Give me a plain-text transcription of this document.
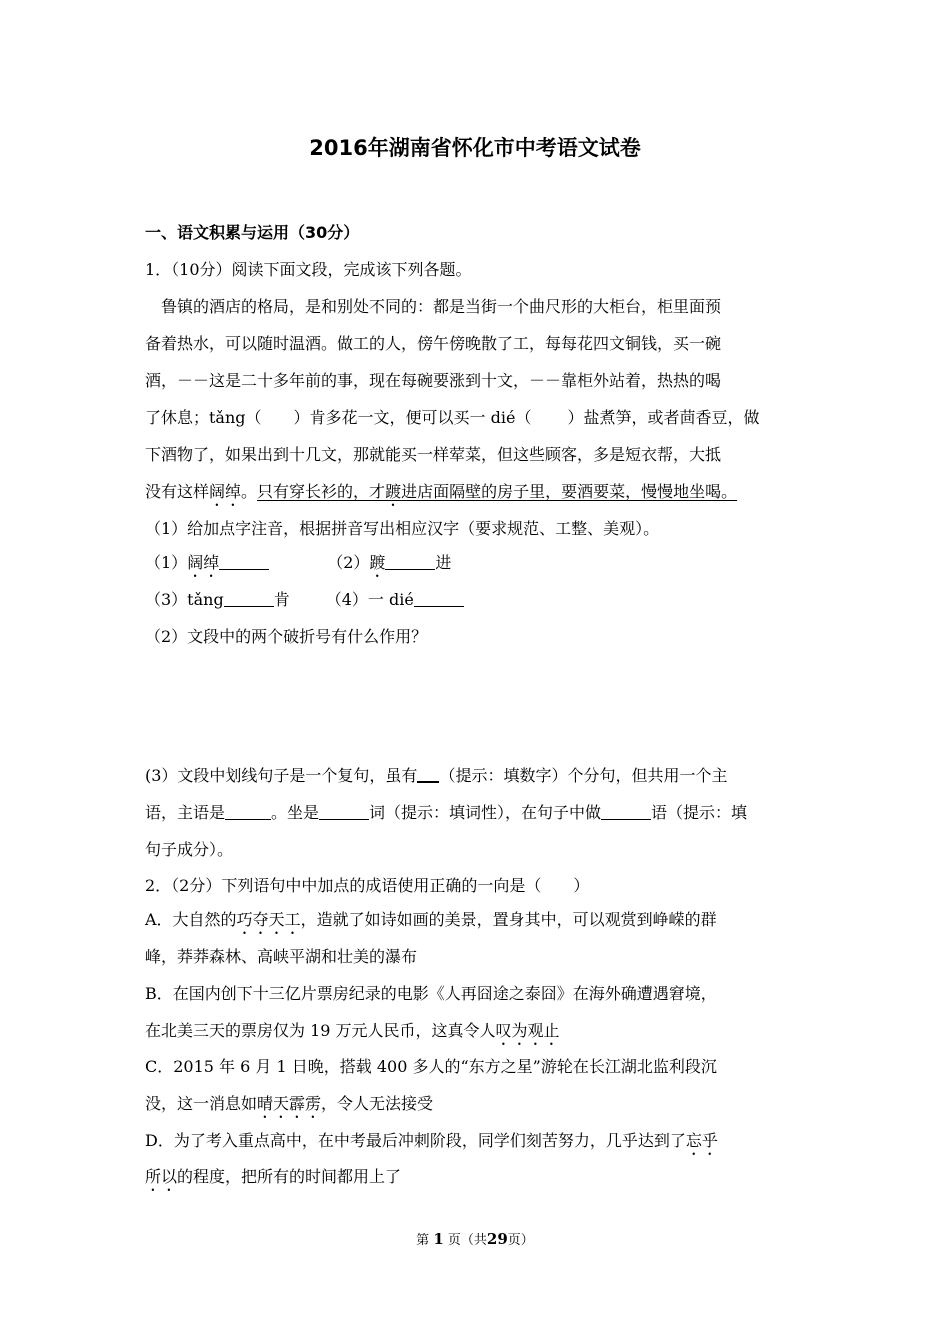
2016年湖南省怀化市中考语文试卷
一、语文积累与运用（30分）
1．（10分）阅读下面文段，完成该下列各题。
　鲁镇的酒店的格局，是和别处不同的：都是当街一个曲尺形的大柜台，柜里面预
备着热水，可以随时温酒。做工的人，傍午傍晚散了工，每每花四文铜钱，买一碗
酒，－－这是二十多年前的事，现在每碗要涨到十文，－－靠柜外站着，热热的喝
了休息；tǎng（ ）肯多花一文，便可以买一 dié（ ）盐煮笋，或者茴香豆，做
下酒物了，如果出到十几文，那就能买一样荤菜，但这些顾客，多是短衣帮，大抵
没有这样阔绰。只有穿长衫的，才踱进店面隔壁的房子里，要酒要菜，慢慢地坐喝。
（1）给加点字注音，根据拼音写出相应汉字（要求规范、工整、美观）。
（1）阔绰	（2）踱	进
（3）tǎng	肯 （4）一 dié
（2）文段中的两个破折号有什么作用？
(3）文段中划线句子是一个复句，虽有 （提示：填数字）个分句，但共用一个主
语，主语是	。坐是	词（提示：填词性），在句子中做	语（提示：填
句子成分）。
2．（2分）下列语句中中加点的成语使用正确的一向是（　　）
A．大自然的巧夺天工，造就了如诗如画的美景，置身其中，可以观赏到峥嵘的群
峰，莽莽森林、高峡平湖和壮美的瀑布
B．在国内创下十三亿片票房纪录的电影《人再囧途之泰囧》在海外确遭遇窘境，
在北美三天的票房仅为 19 万元人民币，这真令人叹为观止
C．2015 年 6 月 1 日晚，搭载 400 多人的“东方之星”游轮在长江湖北监利段沉
没，这一消息如晴天霹雳，令人无法接受
D．为了考入重点高中，在中考最后冲刺阶段，同学们刻苦努力，几乎达到了忘乎
所以的程度，把所有的时间都用上了
第 1 页（共29页）
